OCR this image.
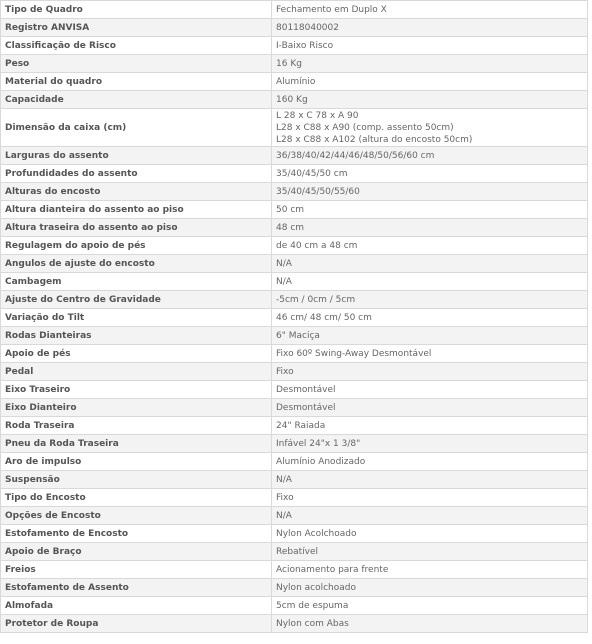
Tipo de Quadro	Fechamento em Duplo X

Registro ANVISA	80118040002

Classificação de Risco	I-Baixo Risco

Peso	16 Kg

Material do quadro	Alumínio

Capacidade	160 Kg

Dimensão da caixa (cm)	L 28 x C 78 x A 90
L28 x C88 x A90 (comp. assento 50cm)
L28 x C88 x A102 (altura do encosto 50cm)

Larguras do assento	36/38/40/42/44/46/48/50/56/60 cm

Profundidades do assento	35/40/45/50 cm

Alturas do encosto	35/40/45/50/55/60

Altura dianteira do assento ao piso	50 cm

Altura traseira do assento ao piso	48 cm

Regulagem do apoio de pés	de 40 cm a 48 cm

Angulos de ajuste do encosto	N/A

Cambagem	N/A

Ajuste do Centro de Gravidade	-5cm / 0cm / 5cm

Variação do Tilt	46 cm/ 48 cm/ 50 cm

Rodas Dianteiras	6" Maciça

Apoio de pés	Fixo 60º Swing-Away Desmontável

Pedal	Fixo

Eixo Traseiro	Desmontável

Eixo Dianteiro	Desmontável

Roda Traseira	24" Raiada

Pneu da Roda Traseira	Infável 24"x 1 3/8"

Aro de impulso	Alumínio Anodizado

Suspensão	N/A

Tipo do Encosto	Fixo

Opções de Encosto	N/A

Estofamento de Encosto	Nylon Acolchoado

Apoio de Braço	Rebatível

Freios	Acionamento para frente

Estofamento de Assento	Nylon acolchoado

Almofada	5cm de espuma

Protetor de Roupa	Nylon com Abas
